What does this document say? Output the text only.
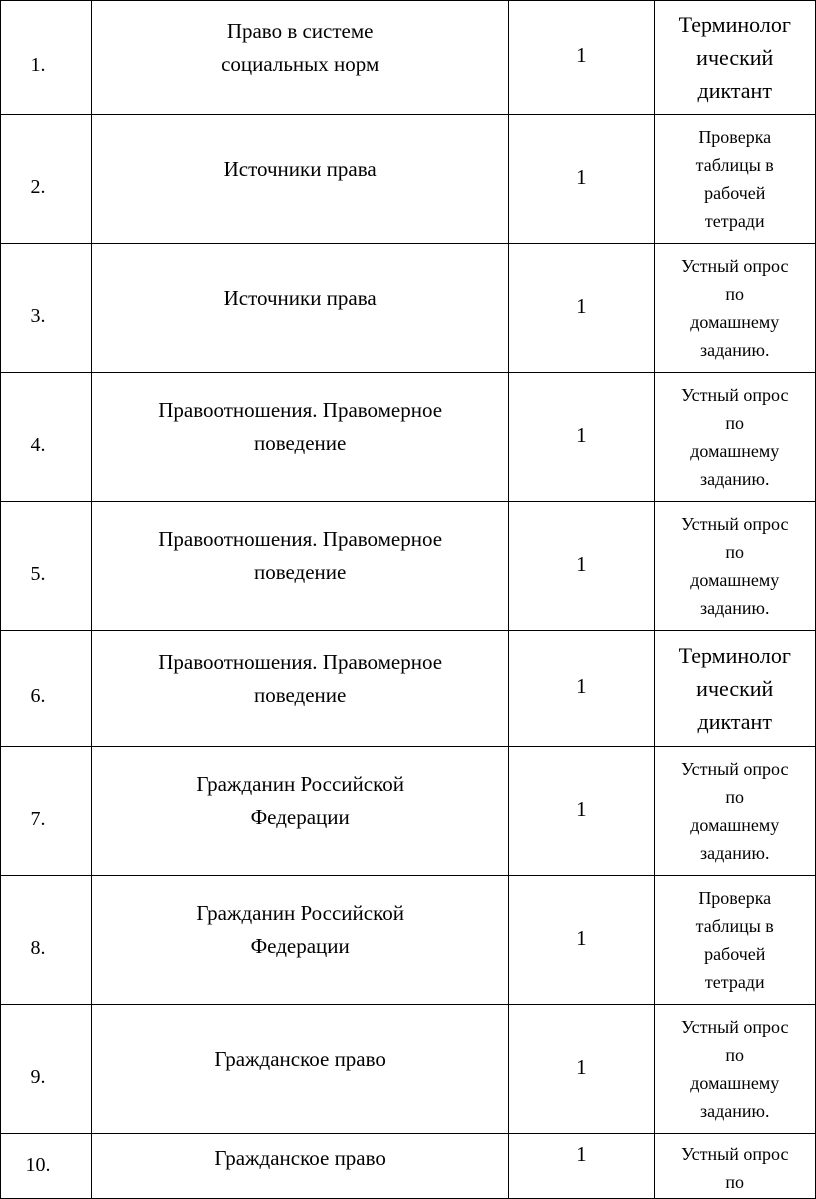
1.	Право в системе
социальных норм	1	Терминолог
ический
диктант
2.	Источники права	1	Проверка
таблицы в
рабочей
тетради
3.	Источники права	1	Устный опрос
по
домашнему
заданию.
4.	Правоотношения. Правомерное
поведение	1	Устный опрос
по
домашнему
заданию.
5.	Правоотношения. Правомерное
поведение	1	Устный опрос
по
домашнему
заданию.
6.	Правоотношения. Правомерное
поведение	1	Терминолог
ический
диктант
7.	Гражданин Российской
Федерации	1	Устный опрос
по
домашнему
заданию.
8.	Гражданин Российской
Федерации	1	Проверка
таблицы в
рабочей
тетради
9.	Гражданское право	1	Устный опрос
по
домашнему
заданию.
10.	Гражданское право	1	Устный опрос
по
